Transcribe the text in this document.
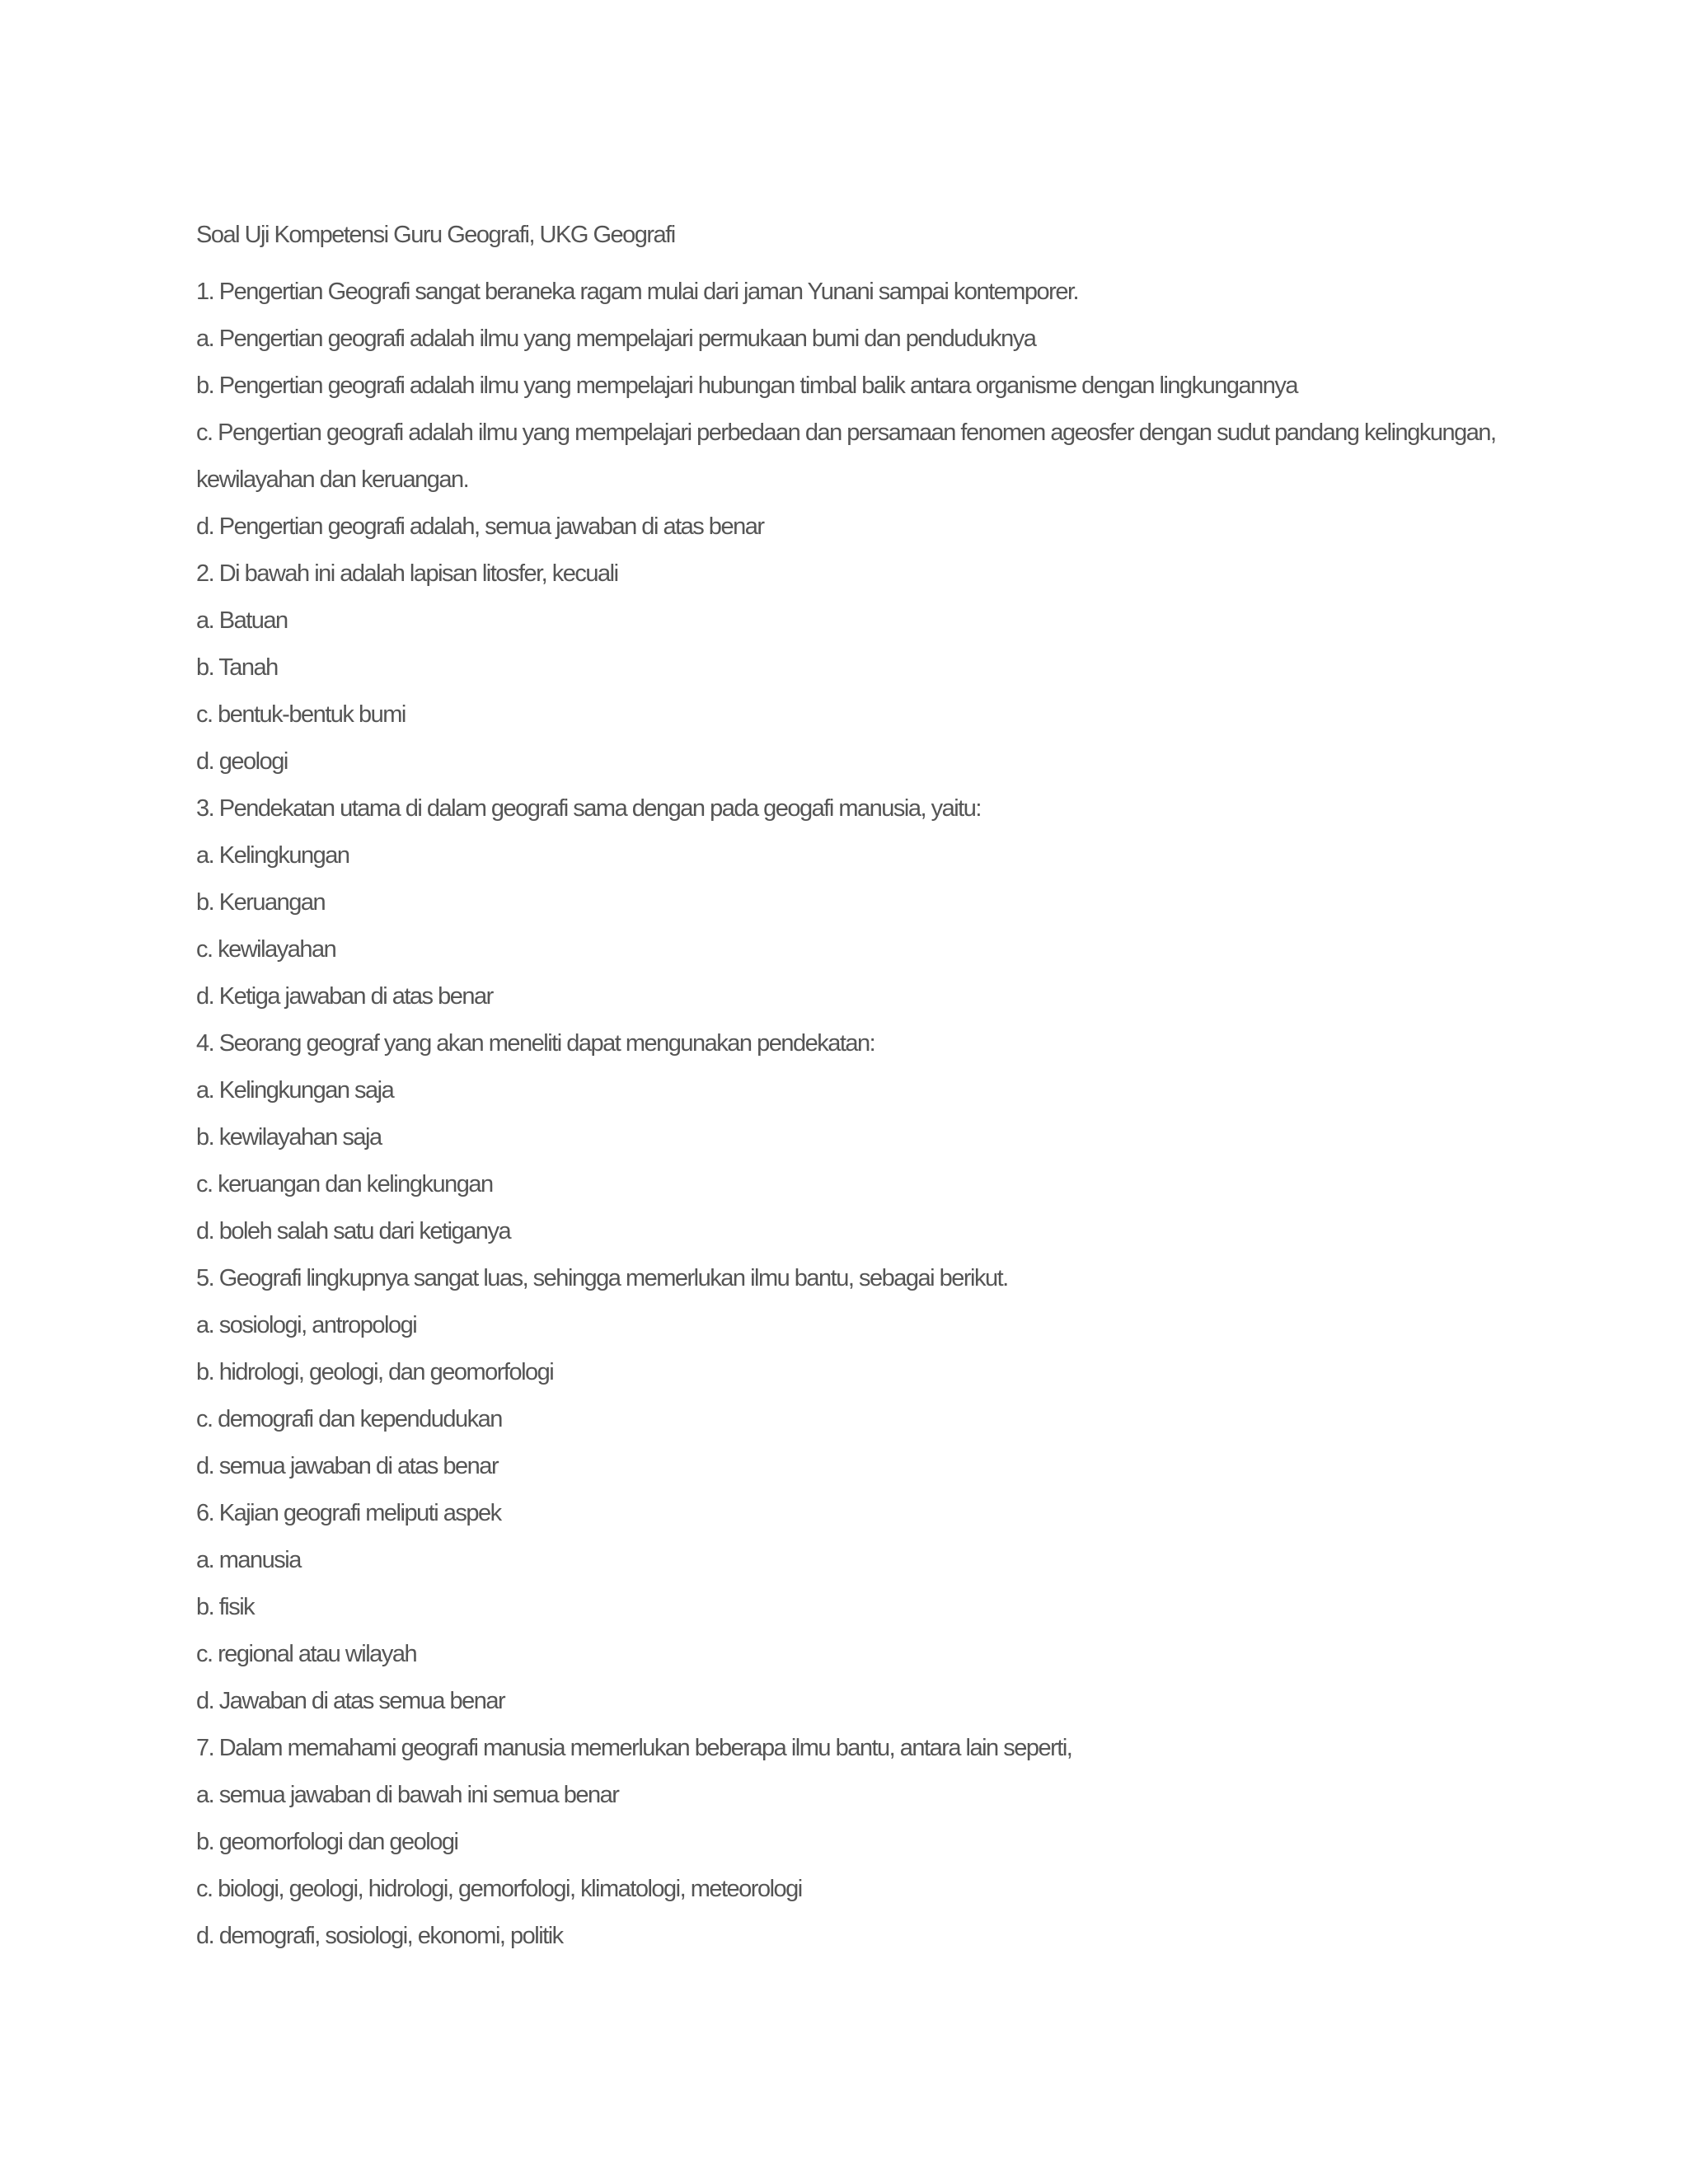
Soal Uji Kompetensi Guru Geografi, UKG Geografi
1. Pengertian Geografi sangat beraneka ragam mulai dari jaman Yunani sampai kontemporer.
a. Pengertian geografi adalah ilmu yang mempelajari permukaan bumi dan penduduknya
b. Pengertian geografi adalah ilmu yang mempelajari hubungan timbal balik antara organisme dengan lingkungannya
c. Pengertian geografi adalah ilmu yang mempelajari perbedaan dan persamaan fenomen ageosfer dengan sudut pandang kelingkungan,
kewilayahan dan keruangan.
d. Pengertian geografi adalah, semua jawaban di atas benar
2. Di bawah ini adalah lapisan litosfer, kecuali
a. Batuan
b. Tanah
c. bentuk-bentuk bumi
d. geologi
3. Pendekatan utama di dalam geografi sama dengan pada geogafi manusia, yaitu:
a. Kelingkungan
b. Keruangan
c. kewilayahan
d. Ketiga jawaban di atas benar
4. Seorang geograf yang akan meneliti dapat mengunakan pendekatan:
a. Kelingkungan saja
b. kewilayahan saja
c. keruangan dan kelingkungan
d. boleh salah satu dari ketiganya
5. Geografi lingkupnya sangat luas, sehingga memerlukan ilmu bantu, sebagai berikut.
a. sosiologi, antropologi
b. hidrologi, geologi, dan geomorfologi
c. demografi dan kependudukan
d. semua jawaban di atas benar
6. Kajian geografi meliputi aspek
a. manusia
b. fisik
c. regional atau wilayah
d. Jawaban di atas semua benar
7. Dalam memahami geografi manusia memerlukan beberapa ilmu bantu, antara lain seperti,
a. semua jawaban di bawah ini semua benar
b. geomorfologi dan geologi
c. biologi, geologi, hidrologi, gemorfologi, klimatologi, meteorologi
d. demografi, sosiologi, ekonomi, politik
